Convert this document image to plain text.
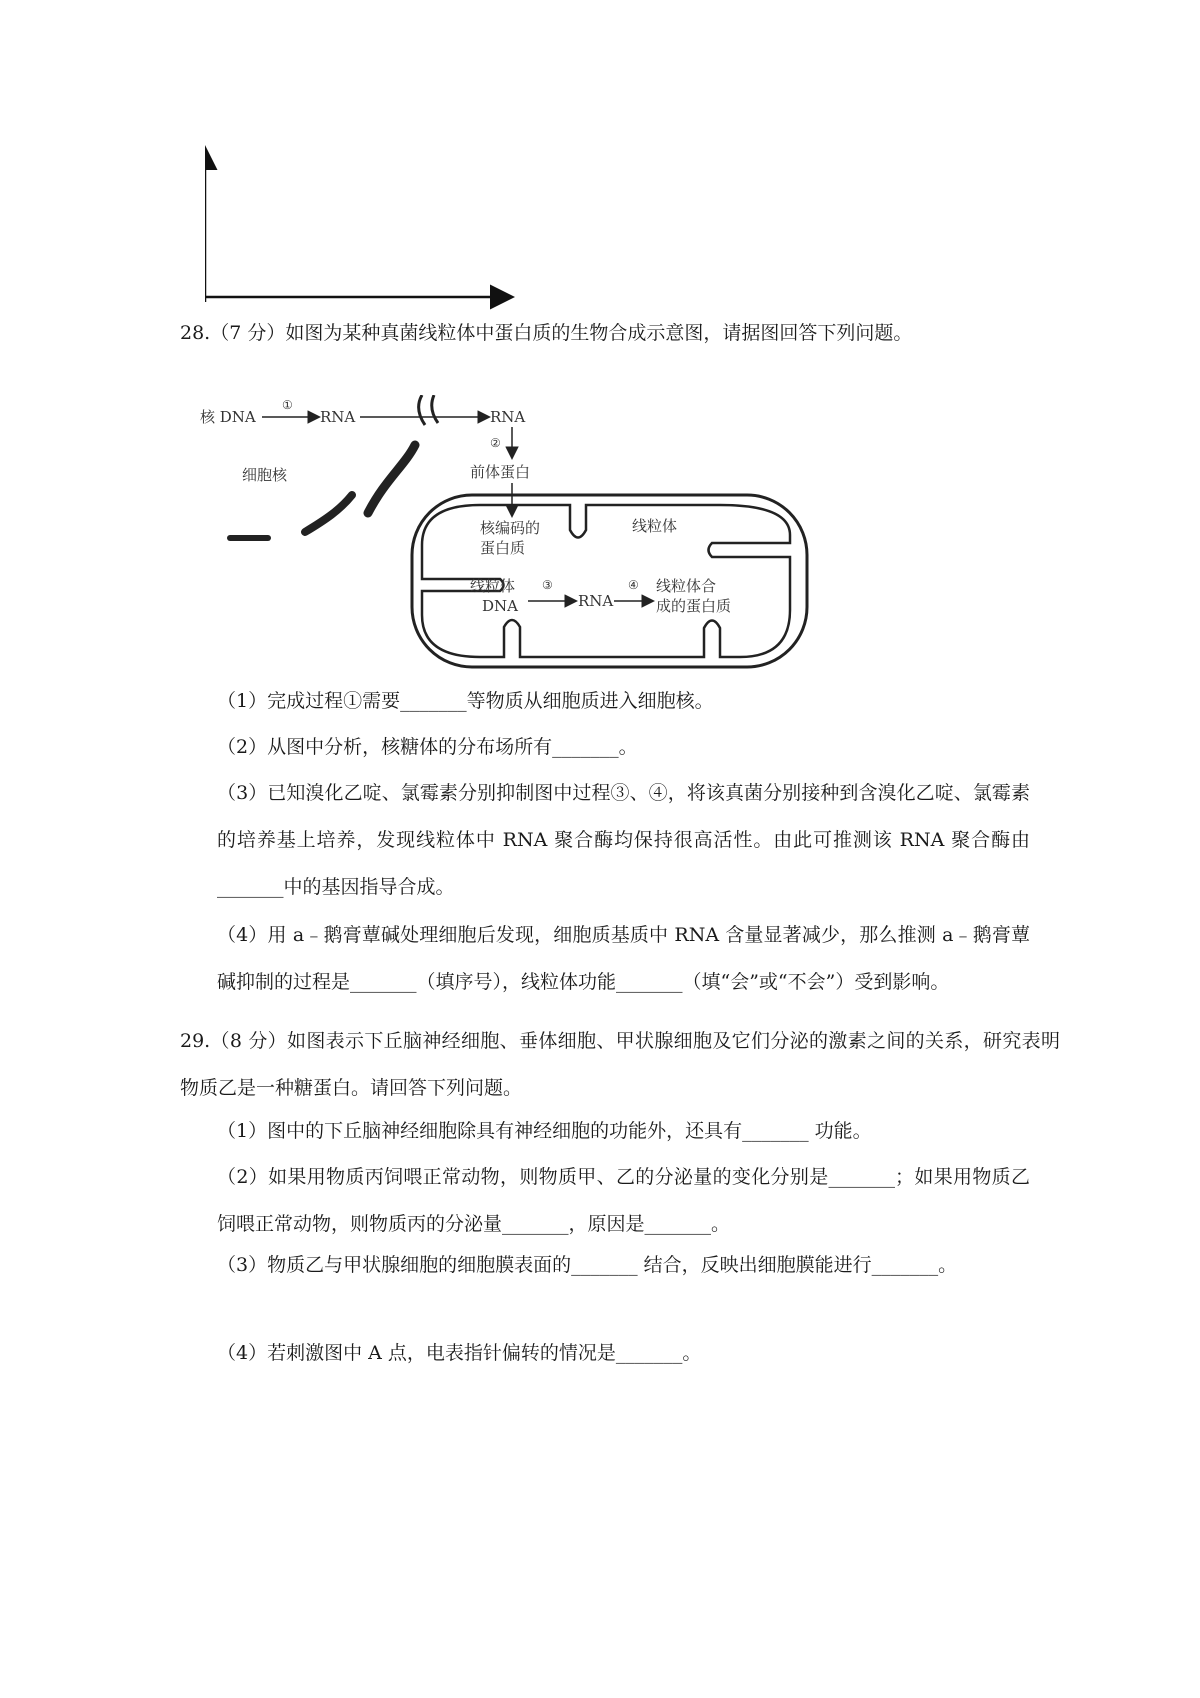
28.（7 分）如图为某种真菌线粒体中蛋白质的生物合成示意图，请据图回答下列问题。
核 DNA
①
RNA
细胞核
RNA
②
前体蛋白
核编码的
蛋白质
线粒体
线粒体
DNA
③
RNA
④ 线粒体合
成的蛋白质
（1）完成过程①需要_______等物质从细胞质进入细胞核。
（2）从图中分析，核糖体的分布场所有_______。
（3）已知溴化乙啶、氯霉素分别抑制图中过程③、④，将该真菌分别接种到含溴化乙啶、氯霉素的培养基上培养，发现线粒体中 RNA 聚合酶均保持很高活性。由此可推测该 RNA 聚合酶由_______中的基因指导合成。
（4）用 a﹣鹅膏蕈碱处理细胞后发现，细胞质基质中 RNA 含量显著减少，那么推测 a﹣鹅膏蕈碱抑制的过程是_______（填序号），线粒体功能_______（填“会”或“不会”）受到影响。
29.（8 分）如图表示下丘脑神经细胞、垂体细胞、甲状腺细胞及它们分泌的激素之间的关系，研究表明物质乙是一种糖蛋白。请回答下列问题。
（1）图中的下丘脑神经细胞除具有神经细胞的功能外，还具有_______ 功能。
（2）如果用物质丙饲喂正常动物，则物质甲、乙的分泌量的变化分别是_______；如果用物质乙饲喂正常动物，则物质丙的分泌量_______，原因是_______。
（3）物质乙与甲状腺细胞的细胞膜表面的_______ 结合，反映出细胞膜能进行_______。
（4）若刺激图中 A 点，电表指针偏转的情况是_______。
